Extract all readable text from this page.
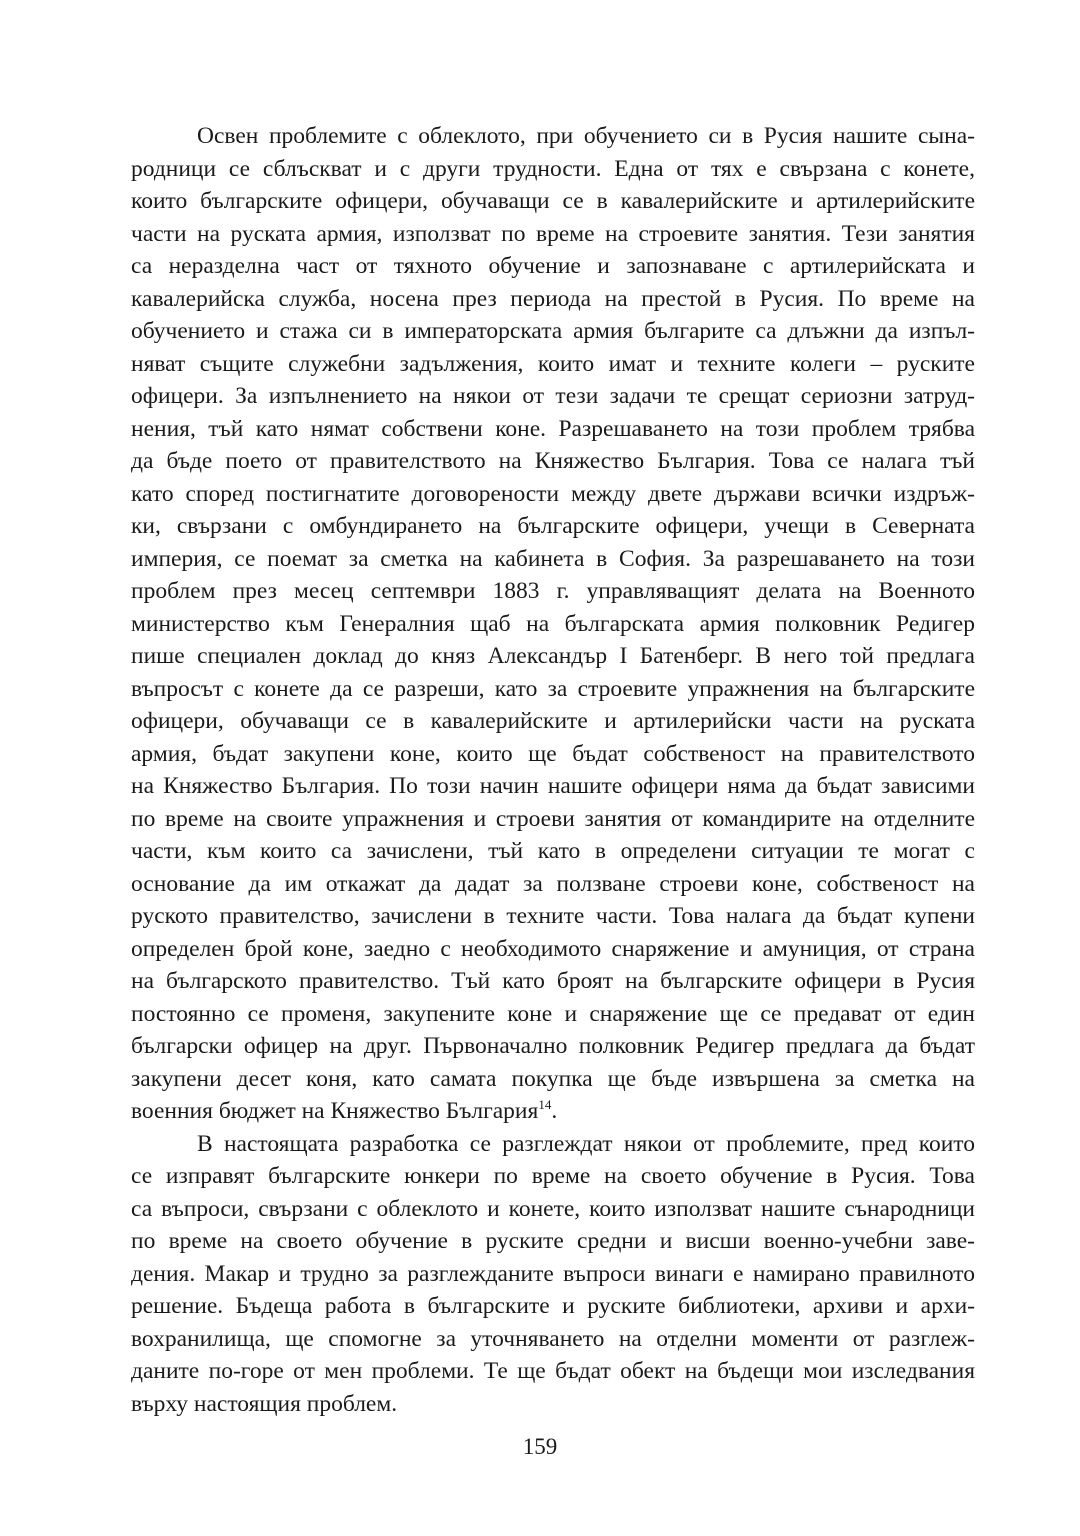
Освен проблемите с облеклото, при обучението си в Русия нашите сына-
родници се сблъскват и с други трудности. Една от тях е свързана с конете,
които българските офицери, обучаващи се в кавалерийските и артилерийските
части на руската армия, използват по време на строевите занятия. Тези занятия
са неразделна част от тяхното обучение и запознаване с артилерийската и
кавалерийска служба, носена през периода на престой в Русия. По време на
обучението и стажа си в императорската армия българите са длъжни да изпъл-
няват същите служебни задължения, които имат и техните колеги – руските
офицери. За изпълнението на някои от тези задачи те срещат сериозни затруд-
нения, тъй като нямат собствени коне. Разрешаването на този проблем трябва
да бъде поето от правителството на Княжество България. Това се налага тъй
като според постигнатите договорености между двете държави всички издръж-
ки, свързани с омбундирането на българските офицери, учещи в Северната
империя, се поемат за сметка на кабинета в София. За разрешаването на този
проблем през месец септември 1883 г. управляващият делата на Военното
министерство към Генералния щаб на българската армия полковник Редигер
пише специален доклад до княз Александър I Батенберг. В него той предлага
въпросът с конете да се разреши, като за строевите упражнения на българските
офицери, обучаващи се в кавалерийските и артилерийски части на руската
армия, бъдат закупени коне, които ще бъдат собственост на правителството
на Княжество България. По този начин нашите офицери няма да бъдат зависими
по време на своите упражнения и строеви занятия от командирите на отделните
части, към които са зачислени, тъй като в определени ситуации те могат с
основание да им откажат да дадат за ползване строеви коне, собственост на
руското правителство, зачислени в техните части. Това налага да бъдат купени
определен брой коне, заедно с необходимото снаряжение и амуниция, от страна
на българското правителство. Тъй като броят на българските офицери в Русия
постоянно се променя, закупените коне и снаряжение ще се предават от един
български офицер на друг. Първоначално полковник Редигер предлага да бъдат
закупени десет коня, като самата покупка ще бъде извършена за сметка на
военния бюджет на Княжество България$^{14}$.

В настоящата разработка се разглеждат някои от проблемите, пред които
се изправят българските юнкери по време на своето обучение в Русия. Това
са въпроси, свързани с облеклото и конете, които използват нашите сънародници
по време на своето обучение в руските средни и висши военно-учебни заве-
дения. Макар и трудно за разглежданите въпроси винаги е намирано правилното
решение. Бъдеща работа в българските и руските библиотеки, архиви и архи-
вохранилища, ще спомогне за уточняването на отделни моменти от разглеж-
даните по-горе от мен проблеми. Те ще бъдат обект на бъдещи мои изследвания
върху настоящия проблем.

159
